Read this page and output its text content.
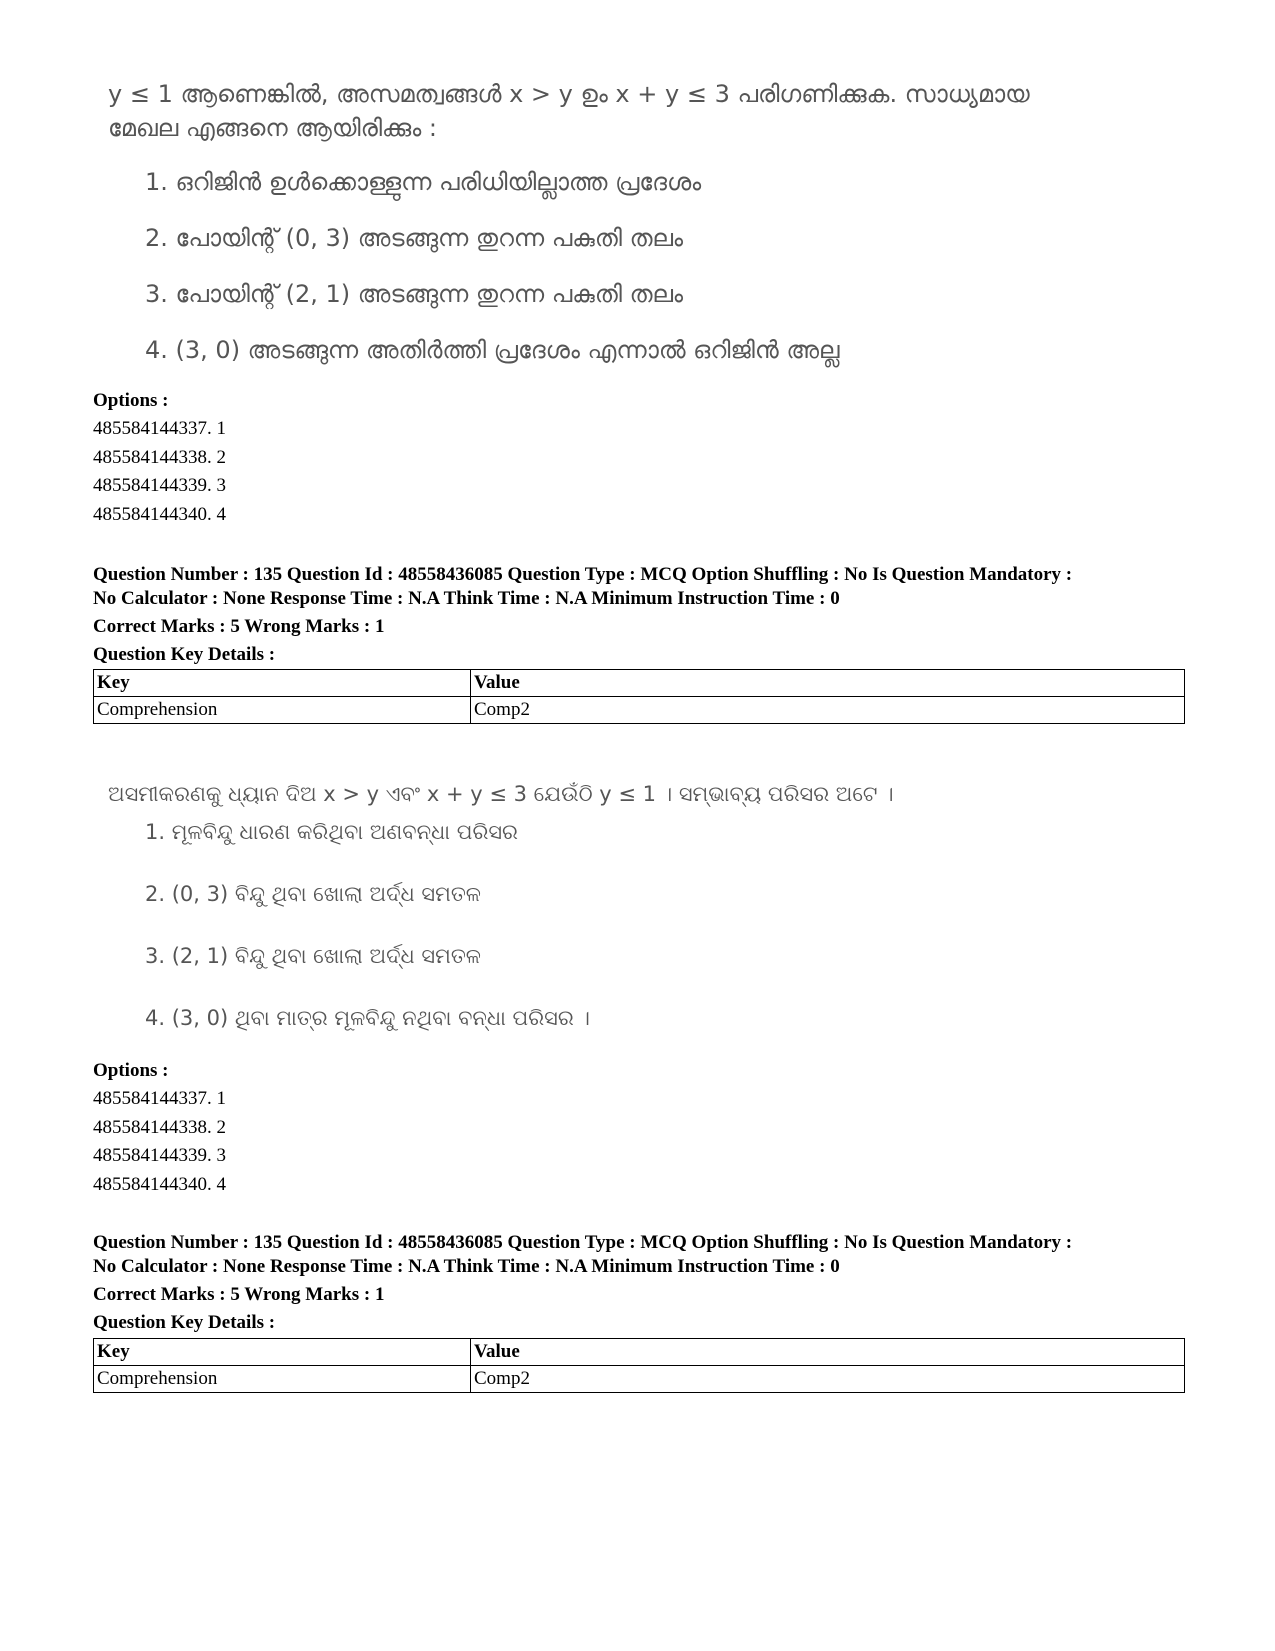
y ≤ 1 ആണെങ്കിൽ, അസമത്വങ്ങൾ x > y ഉം x + y ≤ 3 പരിഗണിക്കുക. സാധ്യമായ മേഖല എങ്ങനെ ആയിരിക്കും :
1. ഒറിജിൻ ഉൾക്കൊള്ളുന്ന പരിധിയില്ലാത്ത പ്രദേശം
2. പോയിന്റ് (0, 3) അടങ്ങുന്ന തുറന്ന പകുതി തലം
3. പോയിന്റ് (2, 1) അടങ്ങുന്ന തുറന്ന പകുതി തലം
4. (3, 0) അടങ്ങുന്ന അതിർത്തി പ്രദേശം എന്നാൽ ഒറിജിൻ അല്ല
Options :
485584144337. 1
485584144338. 2
485584144339. 3
485584144340. 4

Question Number : 135 Question Id : 48558436085 Question Type : MCQ Option Shuffling : No Is Question Mandatory :

No Calculator : None Response Time : N.A Think Time : N.A Minimum Instruction Time : 0

Correct Marks : 5 Wrong Marks : 1

Question Key Details :

Key	Value
Comprehension	Comp2
ଅସମୀକରଣକୁ ଧ୍ୟାନ ଦିଅ x > y ଏବଂ x + y ≤ 3 ଯେଉଁଠି y ≤ 1 । ସମ୍ଭାବ୍ୟ ପରିସର ଅଟେ ।
1. ମୂଳବିନ୍ଦୁ ଧାରଣ କରିଥିବା ଅଣବନ୍ଧା ପରିସର
2. (0, 3) ବିନ୍ଦୁ ଥିବା ଖୋଲା ଅର୍ଦ୍ଧ ସମତଳ
3. (2, 1) ବିନ୍ଦୁ ଥିବା ଖୋଲା ଅର୍ଦ୍ଧ ସମତଳ
4. (3, 0) ଥିବା ମାତ୍ର ମୂଳବିନ୍ଦୁ ନଥିବା ବନ୍ଧା ପରିସର ।
Options :
485584144337. 1
485584144338. 2
485584144339. 3
485584144340. 4

Question Number : 135 Question Id : 48558436085 Question Type : MCQ Option Shuffling : No Is Question Mandatory :

No Calculator : None Response Time : N.A Think Time : N.A Minimum Instruction Time : 0

Correct Marks : 5 Wrong Marks : 1

Question Key Details :

Key	Value
Comprehension	Comp2
